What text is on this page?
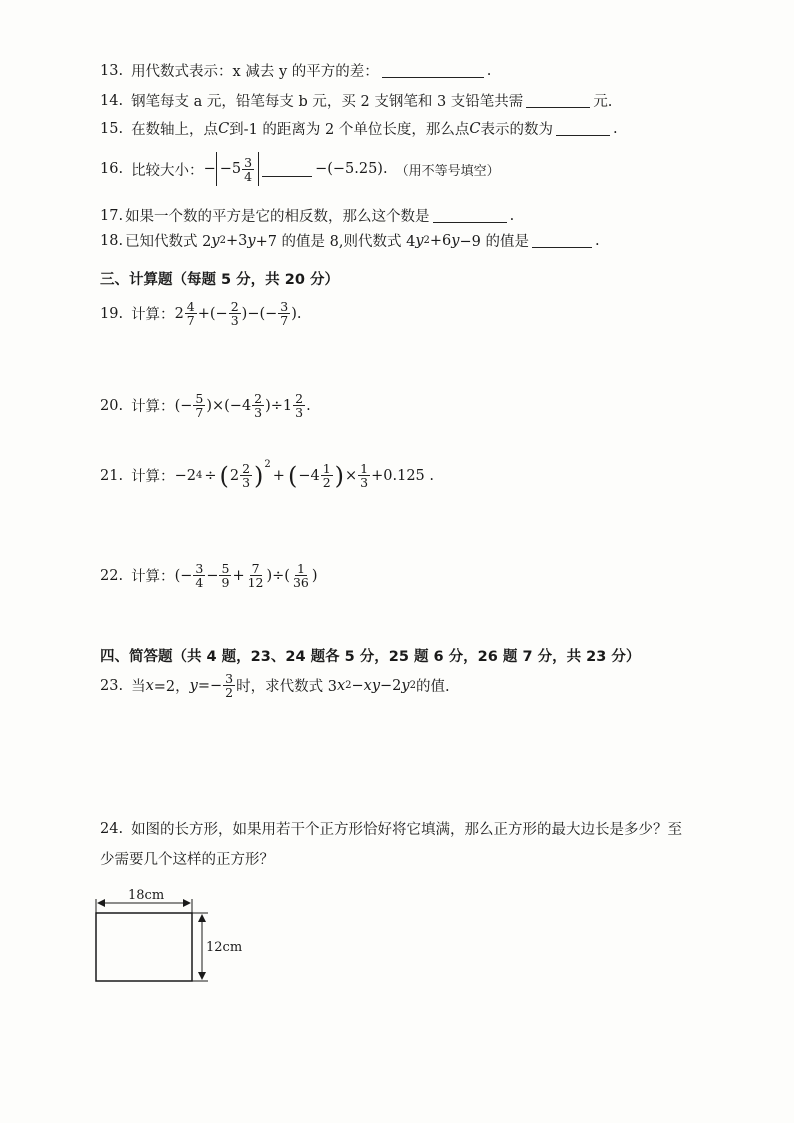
13. 用代数式表示：x 减去 y 的平方的差：	.
14. 钢笔每支 a 元，铅笔每支 b 元，买 2 支钢笔和 3 支铅笔共需	元.
15. 在数轴上，点 C 到-1 的距离为 2 个单位长度，那么点 C 表示的数为	.
16. 比较大小： − − $5 \frac{3}{4}$	−(−5.25). （用不等号填空）
17. 如果一个数的平方是它的相反数，那么这个数是	.
18. 已知代数式 2 y 2 +3 y +7 的值是 8,则代数式 4 y 2 +6 y −9 的值是	.
三、计算题（每题 5 分，共 20 分）
19. 计算： $2 \frac{4}{7}$ +(− $\frac{2}{3}$ )−(− $\frac{3}{7}$ ).
20. 计算： (− $\frac{5}{7} )\times(-4 \frac{2}{3} )\div 1 \frac{2}{3}$ .
21. 计算： −2 4 ÷ ( $2 \frac{2}{3} )^2$
+ ( $-4 \frac{1}{2}$ ) × $\frac{1}{3} +0.125$ .
22. 计算： (− $\frac{3}{4} - \frac{5}{9} + \frac{7}{12}$ )÷( $\frac{1}{36}$ )
四、简答题（共 4 题，23、24 题各 5 分，25 题 6 分，26 题 7 分，共 23 分）
23. 当 x =2， $y =- \frac{3}{2}$ 时，求代数式 3 x 2 − xy −2 y 2 的值.
24. 如图的长方形，如果用若干个正方形恰好将它填满，那么正方形的最大边长是多少？至
少需要几个这样的正方形？
18cm
12cm
